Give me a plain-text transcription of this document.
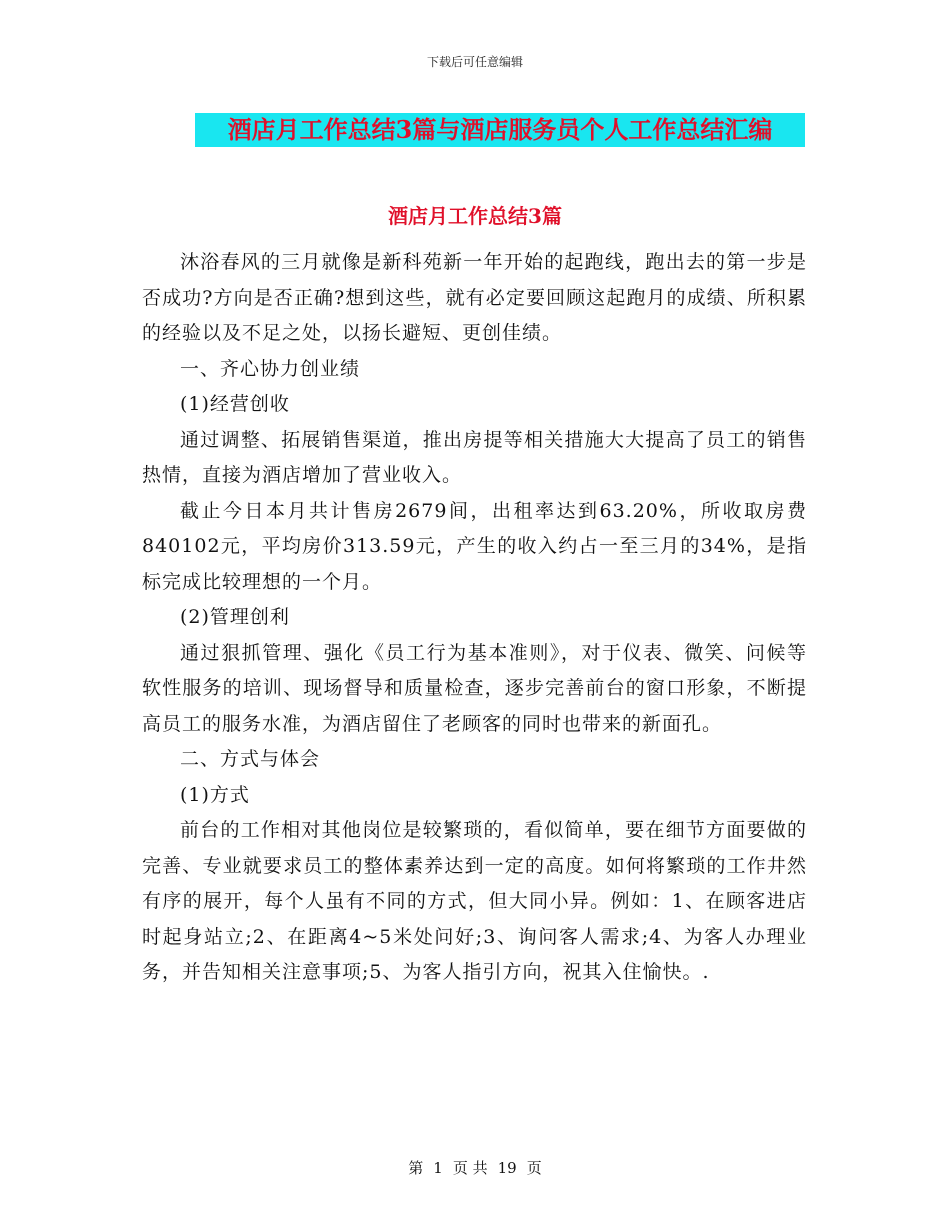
下载后可任意编辑
酒店月工作总结3篇与酒店服务员个人工作总结汇编
酒店月工作总结3篇

沐浴春风的三月就像是新科苑新一年开始的起跑线，跑出去的第一步是否成功?方向是否正确?想到这些，就有必定要回顾这起跑月的成绩、所积累的经验以及不足之处，以扬长避短、更创佳绩。

一、齐心协力创业绩

(1)经营创收

通过调整、拓展销售渠道，推出房提等相关措施大大提高了员工的销售热情，直接为酒店增加了营业收入。

截止今日本月共计售房2679间，出租率达到63.20%，所收取房费840102元，平均房价313.59元，产生的收入约占一至三月的34%，是指标完成比较理想的一个月。

(2)管理创利

通过狠抓管理、强化《员工行为基本准则》，对于仪表、微笑、问候等软性服务的培训、现场督导和质量检查，逐步完善前台的窗口形象，不断提高员工的服务水准，为酒店留住了老顾客的同时也带来的新面孔。

二、方式与体会

(1)方式

前台的工作相对其他岗位是较繁琐的，看似简单，要在细节方面要做的完善、专业就要求员工的整体素养达到一定的高度。如何将繁琐的工作井然有序的展开，每个人虽有不同的方式，但大同小异。例如：1、在顾客进店时起身站立;2、在距离4~5米处问好;3、询问客人需求;4、为客人办理业务，并告知相关注意事项;5、为客人指引方向，祝其入住愉快。.

第 1 页 共 19 页
